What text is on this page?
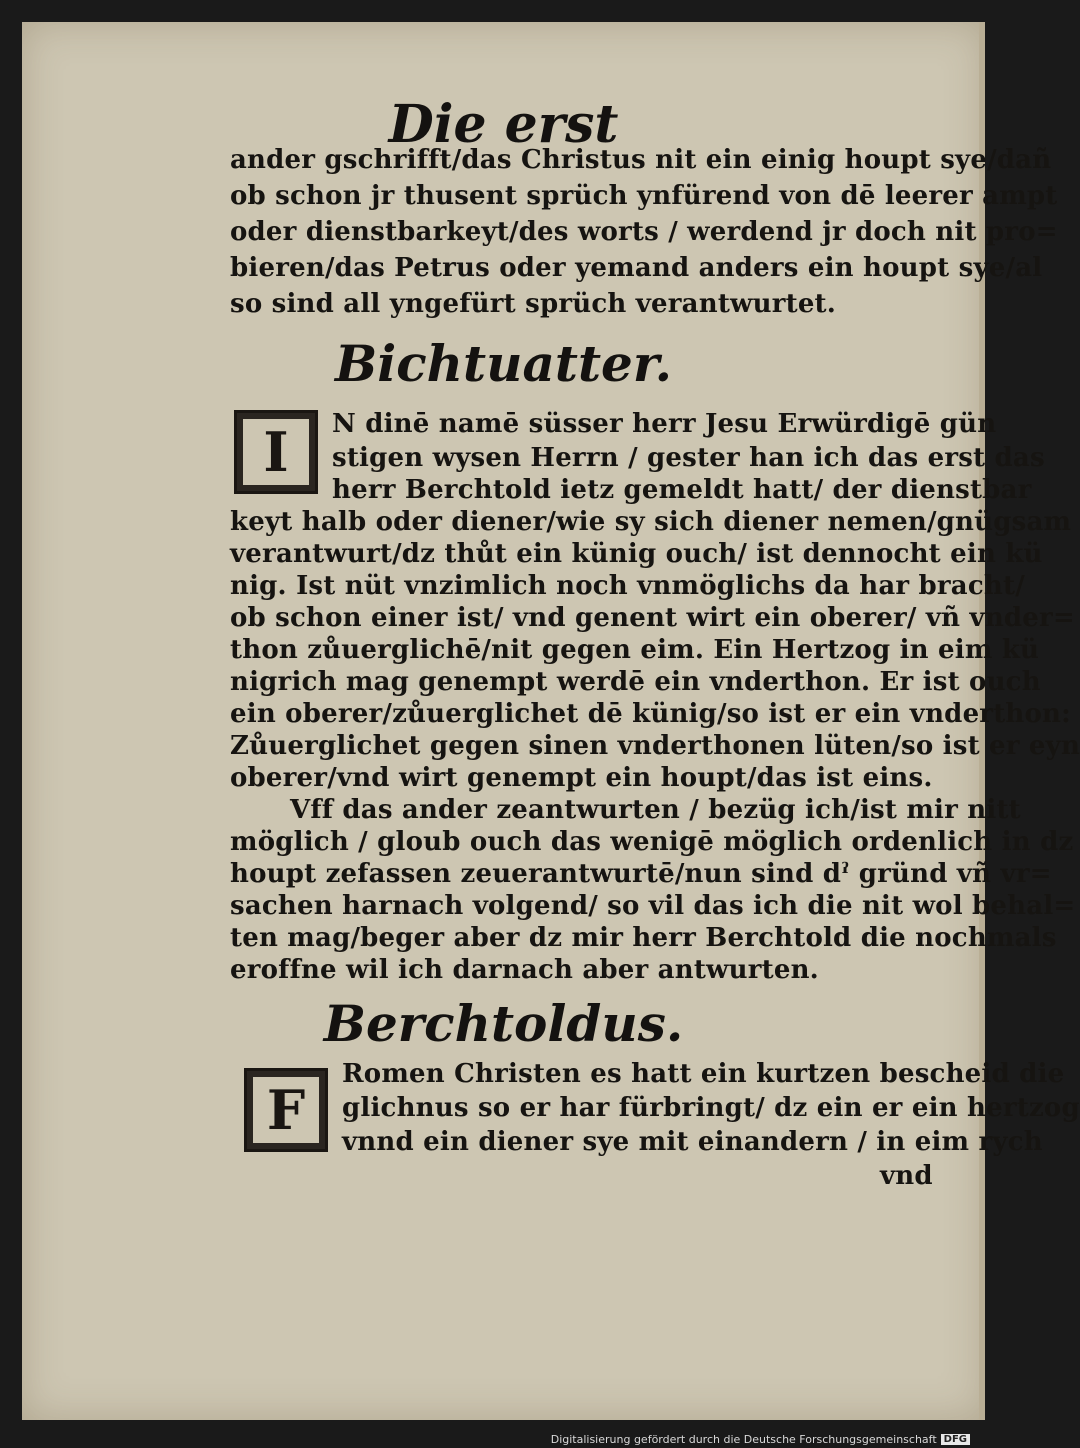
Die erst
ander gschrifft/das Christus nit ein einig houpt sye/dañ
ob schon jr thusent sprüch ynfürend von dē leerer ampt
oder dienstbarkeyt/des worts / werdend jr doch nit pro=
bieren/das Petrus oder yemand anders ein houpt sye/al
so sind all yngefürt sprüch verantwurtet.
Bichtuatter.
I N dinē namē süsser herr Jesu Erwürdigē gün
stigen wysen Herrn / gester han ich das erst das
herr Berchtold ietz gemeldt hatt/ der dienstbar
keyt halb oder diener/wie sy sich diener nemen/gnügsam
verantwurt/dz thůt ein künig ouch/ ist dennocht ein kü
nig. Ist nüt vnzimlich noch vnmöglichs da har bracht/
ob schon einer ist/ vnd genent wirt ein oberer/ vñ vnder=
thon zůuerglichē/nit gegen eim. Ein Hertzog in eim kü
nigrich mag genempt werdē ein vnderthon. Er ist ouch
ein oberer/zůuerglichet dē künig/so ist er ein vnderthon:
Zůuerglichet gegen sinen vnderthonen lüten/so ist er eyn
oberer/vnd wirt genempt ein houpt/das ist eins.
Vff das ander zeantwurten / bezüg ich/ist mir nitt
möglich / gloub ouch das wenigē möglich ordenlich in dz
houpt zefassen zeuerantwurtē/nun sind dˀ gründ vñ vr=
sachen harnach volgend/ so vil das ich die nit wol behal=
ten mag/beger aber dz mir herr Berchtold die nochmals
eroffne wil ich darnach aber antwurten.
Berchtoldus.
F
Romen Christen es hatt ein kurtzen bescheid die
glichnus so er har fürbringt/ dz ein er ein hertzog
vnnd ein diener sye mit einandern / in eim rych
vnd
Digitalisierung gefördert durch die Deutsche Forschungsgemeinschaft DFG
